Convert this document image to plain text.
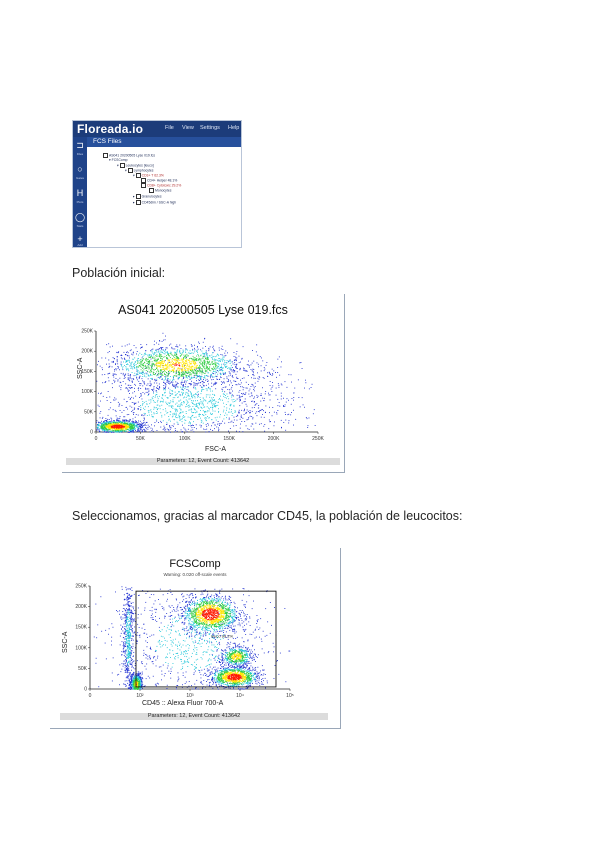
Floreada.io	File View Settings Help
⊐
Files
○
Gates
H
Plots
◯
Stats
+
Add
FCS Files
AS041 20200505 Lyse 019.fcs
▾ FCSComp
▾ Leukocytes [leuco]
▾ Lymphocytes
▾ CD3+ T 62.3%
CD4+ Helper 48.1%
CD8+ Cytotoxic 29.2%
Monocytes
▸ Granulocytes
▸ CD45dim / SSC-A high
Población inicial:
AS041 20200505 Lyse 019.fcs
0
50K
100K
150K
200K
250K
0	50K	100K	150K	200K	250K
SSC-A
FSC-A
Parameters: 12, Event Count: 413642
Seleccionamos, gracias al marcador CD45, la población de leucocitos:
FCSComp
Warning: 0.020 off-scale events
0
50K
100K
150K
200K
250K
0	10²	10³	10⁴	10⁵
leuco 99.2%
SSC-A
CD45 :: Alexa Fluor 700-A
Parameters: 12, Event Count: 413642
